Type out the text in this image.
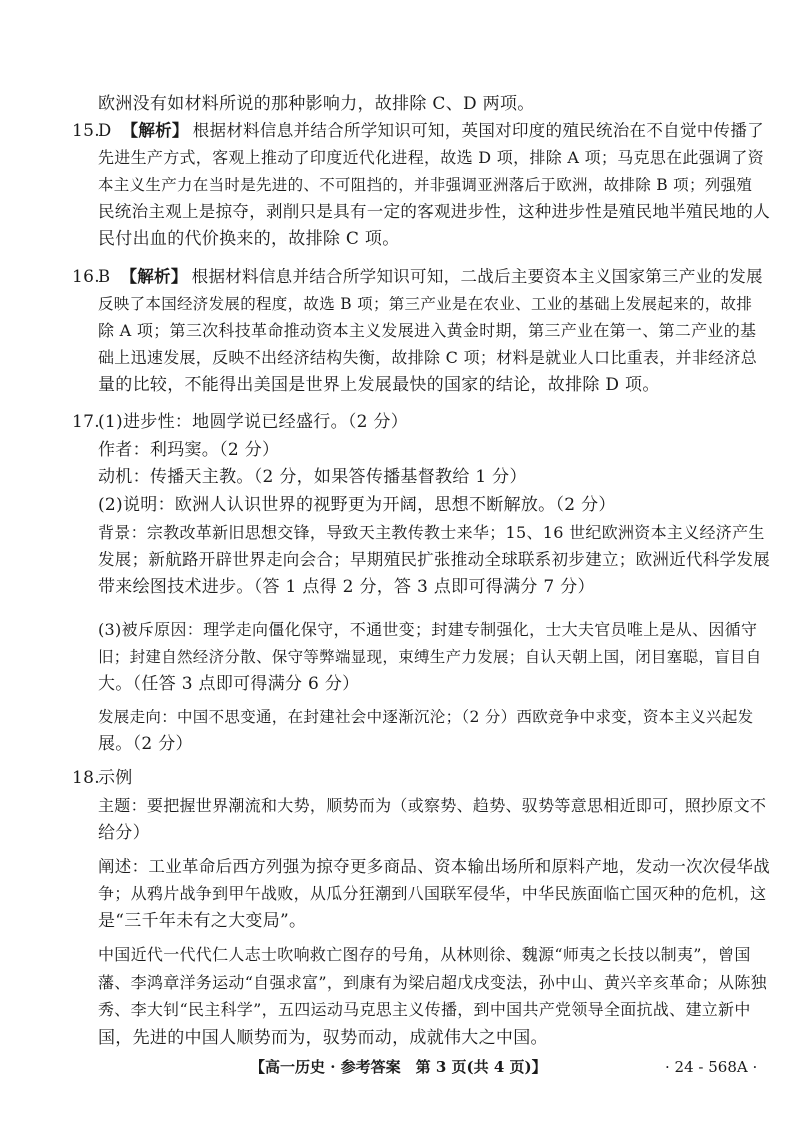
欧洲没有如材料所说的那种影响力，故排除 C、D 两项。
15.
D 【解析】 根据材料信息并结合所学知识可知，英国对印度的殖民统治在不自觉中传播了
先进生产方式，客观上推动了印度近代化进程，故选 D 项，排除 A 项；马克思在此强调了资
本主义生产力在当时是先进的、不可阻挡的，并非强调亚洲落后于欧洲，故排除 B 项；列强殖
民统治主观上是掠夺，剥削只是具有一定的客观进步性，这种进步性是殖民地半殖民地的人
民付出血的代价换来的，故排除 C 项。
16.
B 【解析】 根据材料信息并结合所学知识可知，二战后主要资本主义国家第三产业的发展
反映了本国经济发展的程度，故选 B 项；第三产业是在农业、工业的基础上发展起来的，故排
除 A 项；第三次科技革命推动资本主义发展进入黄金时期，第三产业在第一、第二产业的基
础上迅速发展，反映不出经济结构失衡，故排除 C 项；材料是就业人口比重表，并非经济总
量的比较，不能得出美国是世界上发展最快的国家的结论，故排除 D 项。
17.
(1)进步性：地圆学说已经盛行。（2 分）
作者：利玛窦。（2 分）
动机：传播天主教。（2 分，如果答传播基督教给 1 分）
(2)说明：欧洲人认识世界的视野更为开阔，思想不断解放。（2 分）
背景：宗教改革新旧思想交锋，导致天主教传教士来华；15、16 世纪欧洲资本主义经济产生
发展；新航路开辟世界走向会合；早期殖民扩张推动全球联系初步建立；欧洲近代科学发展
带来绘图技术进步。（答 1 点得 2 分，答 3 点即可得满分 7 分）
(3)被斥原因：理学走向僵化保守，不通世变；封建专制强化，士大夫官员唯上是从、因循守
旧；封建自然经济分散、保守等弊端显现，束缚生产力发展；自认天朝上国，闭目塞聪，盲目自
大。（任答 3 点即可得满分 6 分）
发展走向：中国不思变通，在封建社会中逐渐沉沦；（2 分）西欧竞争中求变，资本主义兴起发
展。（2 分）
18.
示例
主题：要把握世界潮流和大势，顺势而为（或察势、趋势、驭势等意思相近即可，照抄原文不
给分）
阐述：工业革命后西方列强为掠夺更多商品、资本输出场所和原料产地，发动一次次侵华战
争；从鸦片战争到甲午战败，从瓜分狂潮到八国联军侵华，中华民族面临亡国灭种的危机，这
是“三千年未有之大变局”。
中国近代一代代仁人志士吹响救亡图存的号角，从林则徐、魏源“师夷之长技以制夷”，曾国
藩、李鸿章洋务运动“自强求富”，到康有为梁启超戊戌变法，孙中山、黄兴辛亥革命；从陈独
秀、李大钊“民主科学”，五四运动马克思主义传播，到中国共产党领导全面抗战、建立新中
国，先进的中国人顺势而为，驭势而动，成就伟大之中国。
【高一历史 · 参考答案　第 3 页(共 4 页)】	· 24 - 568A ·
